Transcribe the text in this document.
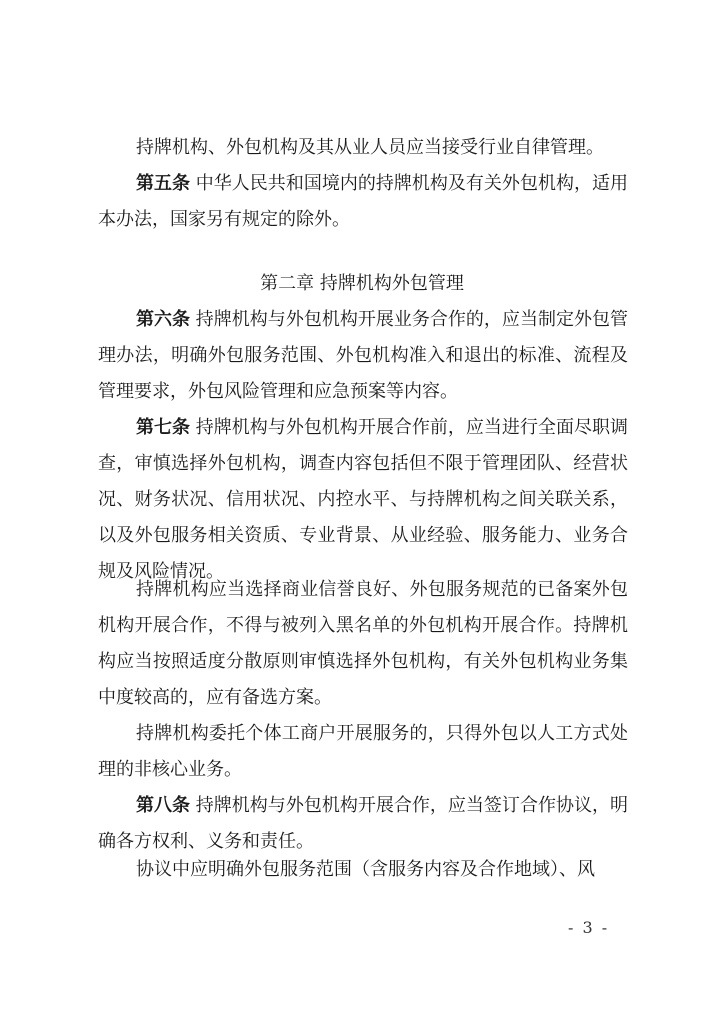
持牌机构、外包机构及其从业人员应当接受行业自律管理。

第五条 中华人民共和国境内的持牌机构及有关外包机构，适用本办法，国家另有规定的除外。

第二章 持牌机构外包管理

第六条 持牌机构与外包机构开展业务合作的，应当制定外包管理办法，明确外包服务范围、外包机构准入和退出的标准、流程及管理要求，外包风险管理和应急预案等内容。

第七条 持牌机构与外包机构开展合作前，应当进行全面尽职调查，审慎选择外包机构，调查内容包括但不限于管理团队、经营状况、财务状况、信用状况、内控水平、与持牌机构之间关联关系，以及外包服务相关资质、专业背景、从业经验、服务能力、业务合规及风险情况。

持牌机构应当选择商业信誉良好、外包服务规范的已备案外包机构开展合作，不得与被列入黑名单的外包机构开展合作。持牌机构应当按照适度分散原则审慎选择外包机构，有关外包机构业务集中度较高的，应有备选方案。

持牌机构委托个体工商户开展服务的，只得外包以人工方式处理的非核心业务。

第八条 持牌机构与外包机构开展合作，应当签订合作协议，明确各方权利、义务和责任。

协议中应明确外包服务范围（含服务内容及合作地域）、风

- 3 -
